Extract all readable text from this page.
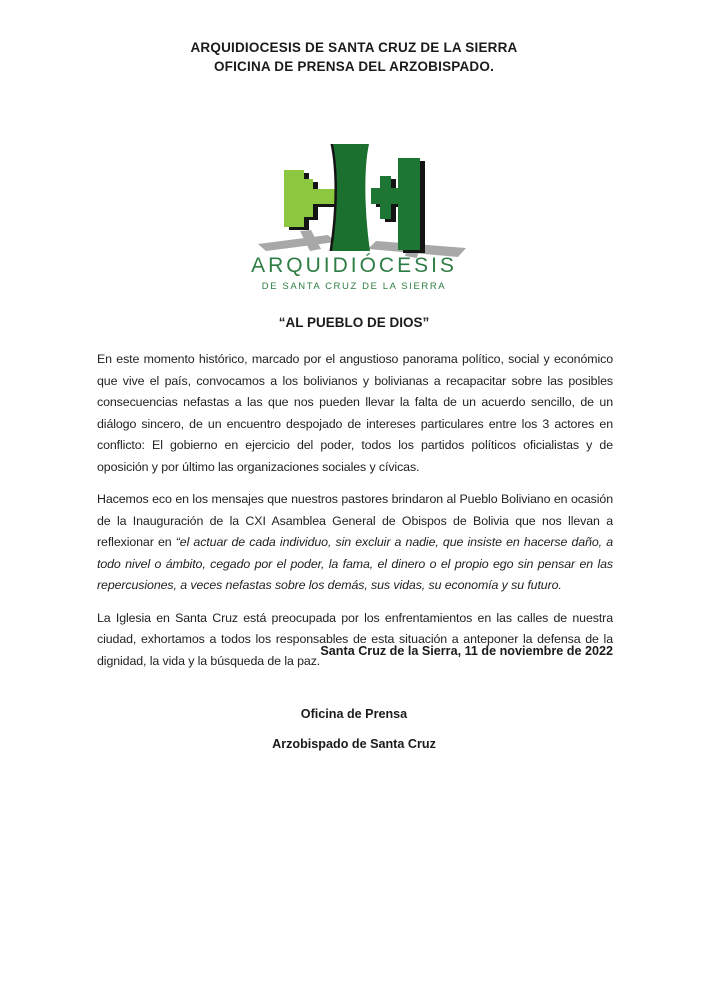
ARQUIDIOCESIS DE SANTA CRUZ DE LA SIERRA
OFICINA DE PRENSA DEL ARZOBISPADO.
ARQUIDIÓCESIS
DE SANTA CRUZ DE LA SIERRA
“AL PUEBLO DE DIOS”

En este momento histórico, marcado por el angustioso panorama político, social y económico que vive el país, convocamos a los bolivianos y bolivianas a recapacitar sobre las posibles consecuencias nefastas a las que nos pueden llevar la falta de un acuerdo sencillo, de un diálogo sincero, de un encuentro despojado de intereses particulares entre los 3 actores en conflicto: El gobierno en ejercicio del poder, todos los partidos políticos oficialistas y de oposición y por último las organizaciones sociales y cívicas.

Hacemos eco en los mensajes que nuestros pastores brindaron al Pueblo Boliviano en ocasión de la Inauguración de la CXI Asamblea General de Obispos de Bolivia que nos llevan a reflexionar en “el actuar de cada individuo, sin excluir a nadie, que insiste en hacerse daño, a todo nivel o ámbito, cegado por el poder, la fama, el dinero o el propio ego sin pensar en las repercusiones, a veces nefastas sobre los demás, sus vidas, su economía y su futuro.

La Iglesia en Santa Cruz está preocupada por los enfrentamientos en las calles de nuestra ciudad, exhortamos a todos los responsables de esta situación a anteponer la defensa de la dignidad, la vida y la búsqueda de la paz.

Santa Cruz de la Sierra, 11 de noviembre de 2022
Oficina de Prensa
Arzobispado de Santa Cruz
